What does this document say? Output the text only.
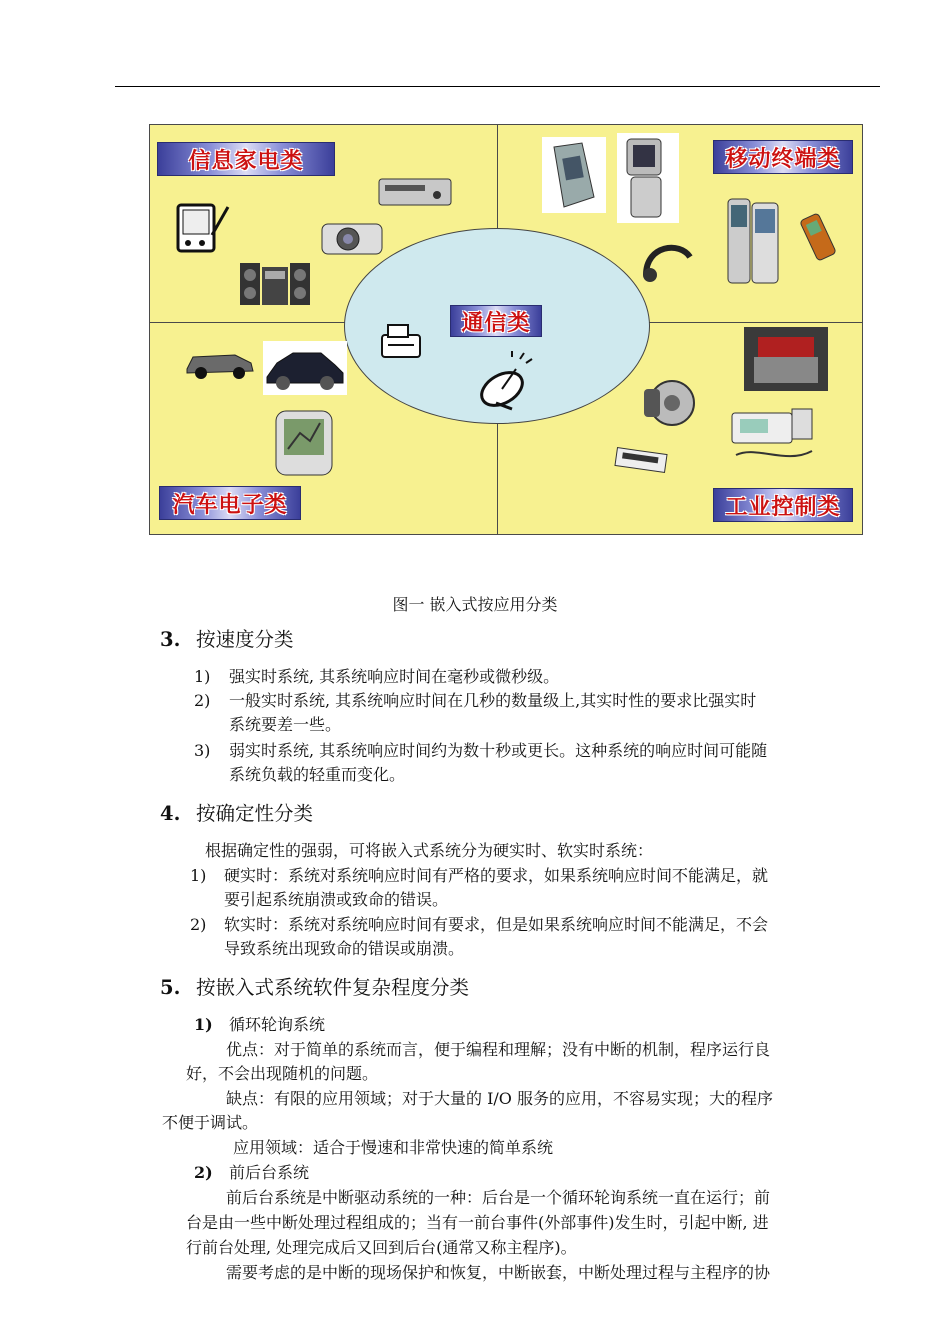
信息家电类	移动终端类
通信类
汽车电子类	工业控制类
图一 嵌入式按应用分类
3. 按速度分类
1) 强实时系统, 其系统响应时间在毫秒或微秒级。
2) 一般实时系统, 其系统响应时间在几秒的数量级上,其实时性的要求比强实时
系统要差一些。
3) 弱实时系统, 其系统响应时间约为数十秒或更长。这种系统的响应时间可能随
系统负载的轻重而变化。
4. 按确定性分类
根据确定性的强弱，可将嵌入式系统分为硬实时、软实时系统：
1) 硬实时：系统对系统响应时间有严格的要求，如果系统响应时间不能满足，就
要引起系统崩溃或致命的错误。
2) 软实时：系统对系统响应时间有要求，但是如果系统响应时间不能满足，不会
导致系统出现致命的错误或崩溃。
5. 按嵌入式系统软件复杂程度分类
1) 循环轮询系统
优点：对于简单的系统而言，便于编程和理解；没有中断的机制，程序运行良
好，不会出现随机的问题。
缺点：有限的应用领域；对于大量的 I/O 服务的应用，不容易实现；大的程序
不便于调试。
应用领域：适合于慢速和非常快速的简单系统
2) 前后台系统
前后台系统是中断驱动系统的一种：后台是一个循环轮询系统一直在运行；前
台是由一些中断处理过程组成的；当有一前台事件(外部事件)发生时，引起中断, 进
行前台处理, 处理完成后又回到后台(通常又称主程序)。
需要考虑的是中断的现场保护和恢复，中断嵌套，中断处理过程与主程序的协
